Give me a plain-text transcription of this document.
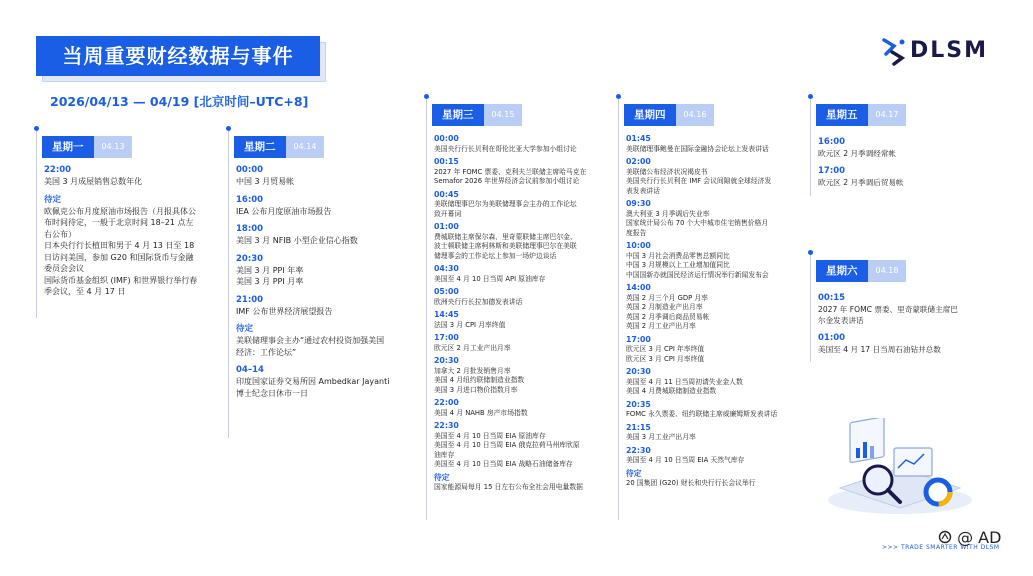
当周重要财经数据与事件
2026/04/13 — 04/19 [北京时间–UTC+8]
DLSM
星期一	04.13
22:00
美国 3 月成屋销售总数年化
待定
欧佩克公布月度原油市场报告（月报具体公
布时间待定，一般于北京时间 18–21 点左
右公布）
日本央行行长植田和男于 4 月 13 日至 18
日访问美国，参加 G20 和国际货币与金融
委员会会议
国际货币基金组织 (IMF) 和世界银行举行春
季会议，至 4 月 17 日
星期二	04.14
00:00
中国 3 月贸易帐
16:00
IEA 公布月度原油市场报告
18:00
美国 3 月 NFIB 小型企业信心指数
20:30
美国 3 月 PPI 年率
美国 3 月 PPI 月率
21:00
IMF 公布世界经济展望报告
待定
美联储理事会主办“通过农村投资加强美国
经济：工作论坛”
04–14
印度国家证券交易所因 Ambedkar Jayanti
博士纪念日休市一日
星期三	04.15
00:00
美国央行行长贝利在哥伦比亚大学参加小组讨论
00:15
2027 年 FOMC 票委、克利夫兰联储主席哈马克在
Semafor 2026 年世界经济会议前参加小组讨论
00:45
美联储理事巴尔为美联储理事会主办的工作论坛
致开幕词
01:00
费城联储主席保尔森、里奇蒙联储主席巴尔金、
波士顿联储主席柯林斯和美联储理事巴尔在美联
储理事会的工作论坛上参加一场炉边谈话
04:30
美国至 4 月 10 日当周 API 原油库存
05:00
欧洲央行行长拉加德发表讲话
14:45
法国 3 月 CPI 月率终值
17:00
欧元区 2 月工业产出月率
20:30
加拿大 2 月批发销售月率
美国 4 月纽约联储制造业指数
美国 3 月进口物价指数月率
22:00
美国 4 月 NAHB 房产市场指数
22:30
美国至 4 月 10 日当周 EIA 原油库存
美国至 4 月 10 日当周 EIA 俄克拉荷马州库欣原
油库存
美国至 4 月 10 日当周 EIA 战略石油储备库存
待定
国家能源局每月 15 日左右公布全社会用电量数据
星期四	04.16
01:45
美联储理事鲍曼在国际金融协会论坛上发表讲话
02:00
美联储公布经济状况褐皮书
美国央行行长贝利在 IMF 会议间隙就全球经济发
表发表讲话
09:30
澳大利亚 3 月季调后失业率
国家统计局公布 70 个大中城市住宅销售价格月
度报告
10:00
中国 3 月社会消费品零售总额同比
中国 3 月规模以上工业增加值同比
中国国新办就国民经济运行情况举行新闻发布会
14:00
英国 2 月三个月 GDP 月率
英国 2 月制造业产出月率
英国 2 月季调后商品贸易帐
英国 2 月工业产出月率
17:00
欧元区 3 月 CPI 年率终值
欧元区 3 月 CPI 月率终值
20:30
美国至 4 月 11 日当周初请失业金人数
美国 4 月费城联储制造业指数
20:35
FOMC 永久票委、纽约联储主席威廉姆斯发表讲话
21:15
美国 3 月工业产出月率
22:30
美国至 4 月 10 日当周 EIA 天然气库存
待定
20 国集团 (G20) 财长和央行行长会议举行
星期五	04.17
16:00
欧元区 2 月季调经常帐
17:00
欧元区 2 月季调后贸易帐
星期六	04.18
00:15
2027 年 FOMC 票委、里奇蒙联储主席巴
尔金发表讲话
01:00
美国至 4 月 17 日当周石油钻井总数
>>> TRADE SMARTER WITH DLSM
@ AD
